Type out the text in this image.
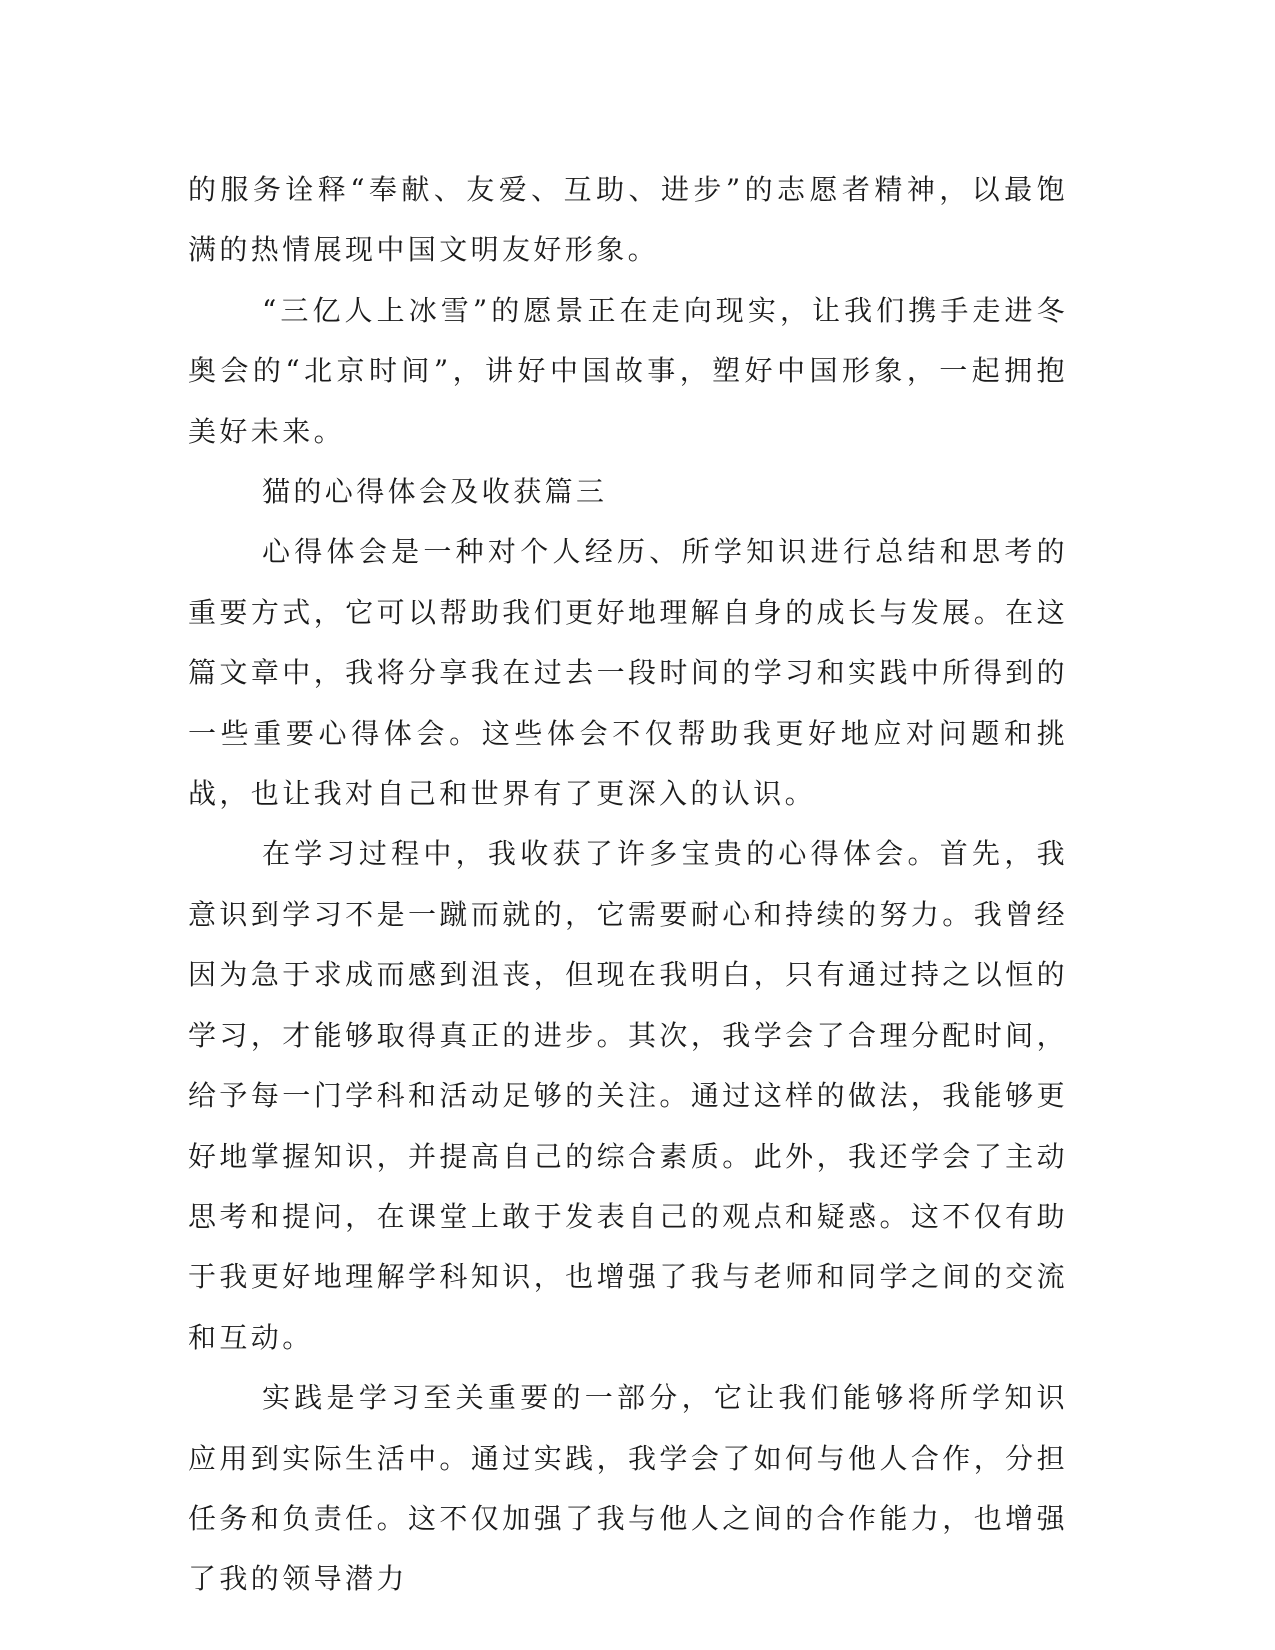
的服务诠释“奉献、友爱、互助、进步”的志愿者精神，以最饱满的热情展现中国文明友好形象。

“三亿人上冰雪”的愿景正在走向现实，让我们携手走进冬奥会的“北京时间”，讲好中国故事，塑好中国形象，一起拥抱美好未来。

猫的心得体会及收获篇三

心得体会是一种对个人经历、所学知识进行总结和思考的重要方式，它可以帮助我们更好地理解自身的成长与发展。在这篇文章中，我将分享我在过去一段时间的学习和实践中所得到的一些重要心得体会。这些体会不仅帮助我更好地应对问题和挑战，也让我对自己和世界有了更深入的认识。

在学习过程中，我收获了许多宝贵的心得体会。首先，我意识到学习不是一蹴而就的，它需要耐心和持续的努力。我曾经因为急于求成而感到沮丧，但现在我明白，只有通过持之以恒的学习，才能够取得真正的进步。其次，我学会了合理分配时间，给予每一门学科和活动足够的关注。通过这样的做法，我能够更好地掌握知识，并提高自己的综合素质。此外，我还学会了主动思考和提问，在课堂上敢于发表自己的观点和疑惑。这不仅有助于我更好地理解学科知识，也增强了我与老师和同学之间的交流和互动。

实践是学习至关重要的一部分，它让我们能够将所学知识应用到实际生活中。通过实践，我学会了如何与他人合作，分担任务和负责任。这不仅加强了我与他人之间的合作能力，也增强了我的领导潜力
